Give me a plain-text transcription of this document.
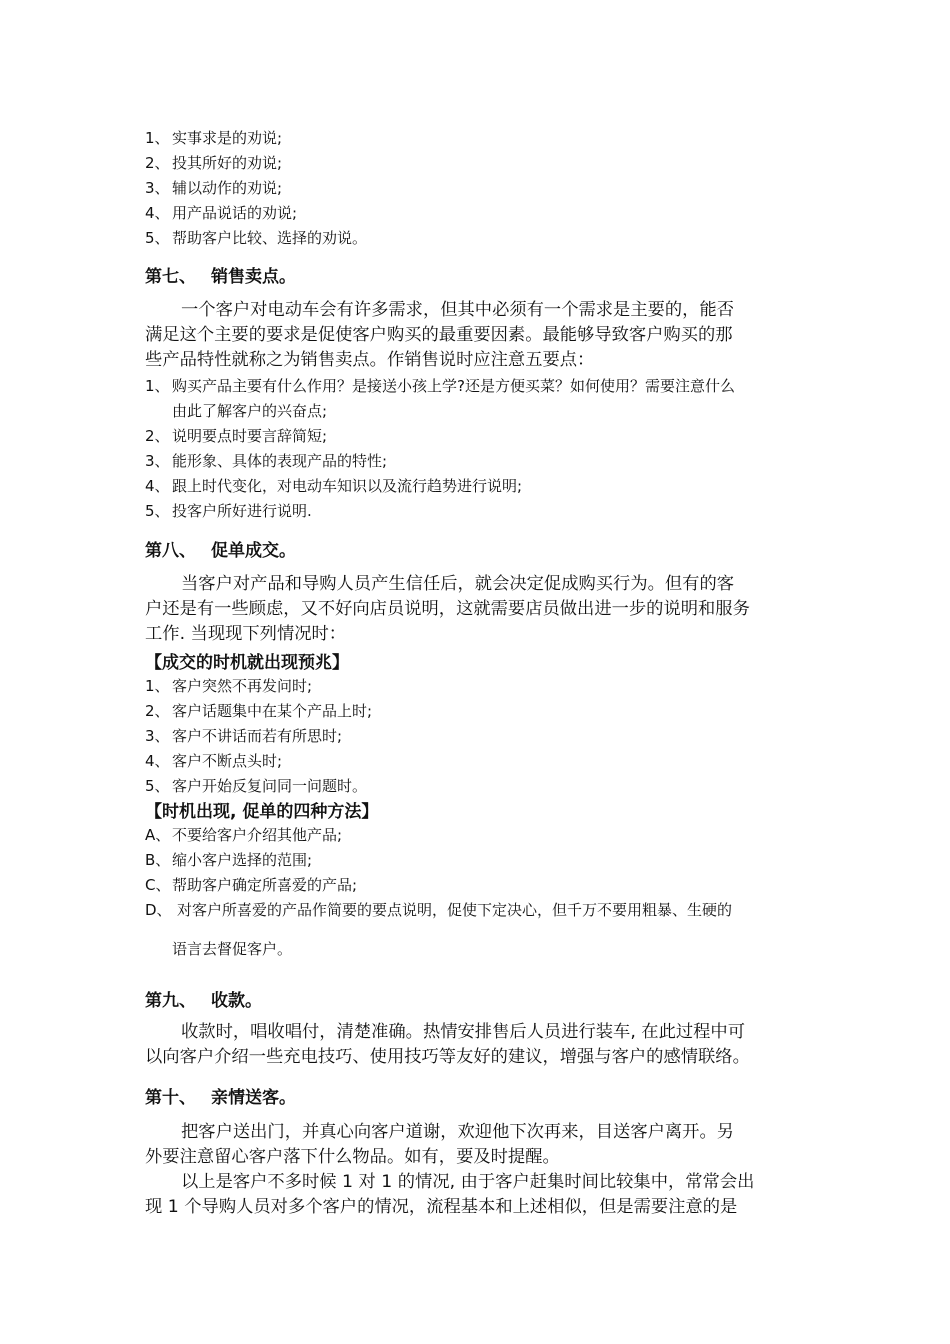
1、 实事求是的劝说;
2、 投其所好的劝说;
3、 辅以动作的劝说;
4、 用产品说话的劝说;
5、 帮助客户比较、选择的劝说。
第七、 销售卖点。
一个客户对电动车会有许多需求，但其中必须有一个需求是主要的，能否
满足这个主要的要求是促使客户购买的最重要因素。最能够导致客户购买的那
些产品特性就称之为销售卖点。作销售说时应注意五要点：
1、 购买产品主要有什么作用？是接送小孩上学?还是方便买菜？如何使用？需要注意什么
由此了解客户的兴奋点;
2、 说明要点时要言辞简短;
3、 能形象、具体的表现产品的特性;
4、 跟上时代变化，对电动车知识以及流行趋势进行说明;
5、 投客户所好进行说明.
第八、 促单成交。
当客户对产品和导购人员产生信任后，就会决定促成购买行为。但有的客
户还是有一些顾虑，又不好向店员说明，这就需要店员做出进一步的说明和服务
工作. 当现现下列情况时：
【成交的时机就出现预兆】
1、 客户突然不再发问时;
2、 客户话题集中在某个产品上时;
3、 客户不讲话而若有所思时;
4、 客户不断点头时;
5、 客户开始反复问同一问题时。
【时机出现, 促单的四种方法】
A、 不要给客户介绍其他产品;
B、 缩小客户选择的范围;
C、 帮助客户确定所喜爱的产品;
D、 对客户所喜爱的产品作简要的要点说明，促使下定决心，但千万不要用粗暴、生硬的
语言去督促客户。
第九、 收款。
收款时，唱收唱付，清楚准确。热情安排售后人员进行装车, 在此过程中可
以向客户介绍一些充电技巧、使用技巧等友好的建议，增强与客户的感情联络。
第十、 亲情送客。
把客户送出门，并真心向客户道谢，欢迎他下次再来，目送客户离开。另
外要注意留心客户落下什么物品。如有，要及时提醒。
以上是客户不多时候 1 对 1 的情况, 由于客户赶集时间比较集中，常常会出
现 1 个导购人员对多个客户的情况，流程基本和上述相似，但是需要注意的是
